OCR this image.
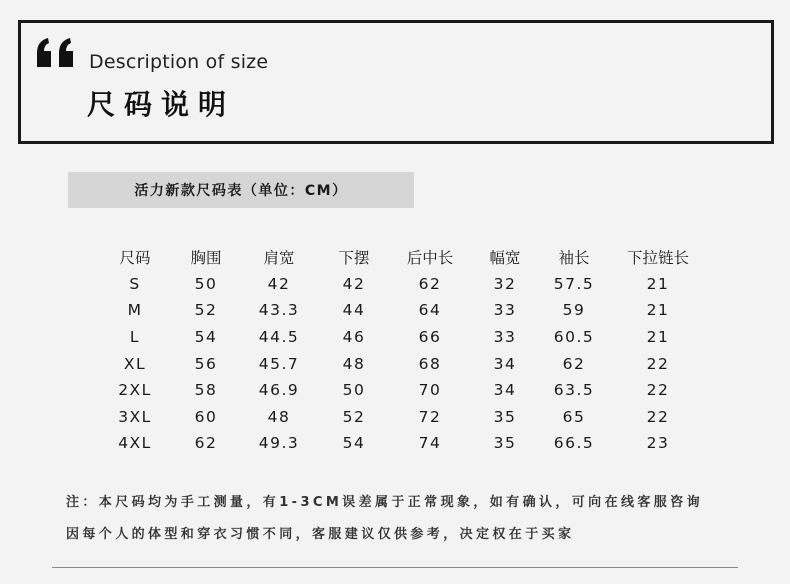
Description of size
尺码说明
活力新款尺码表（单位：CM）
尺码	胸围	肩宽	下摆	后中长	幅宽	袖长	下拉链长
S	50	42	42	62	32	57.5	21
M	52	43.3	44	64	33	59	21
L	54	44.5	46	66	33	60.5	21
XL	56	45.7	48	68	34	62	22
2XL	58	46.9	50	70	34	63.5	22
3XL	60	48	52	72	35	65	22
4XL	62	49.3	54	74	35	66.5	23
注：本尺码均为手工测量，有1-3CM误差属于正常现象，如有确认，可向在线客服咨询
因每个人的体型和穿衣习惯不同，客服建议仅供参考，决定权在于买家
